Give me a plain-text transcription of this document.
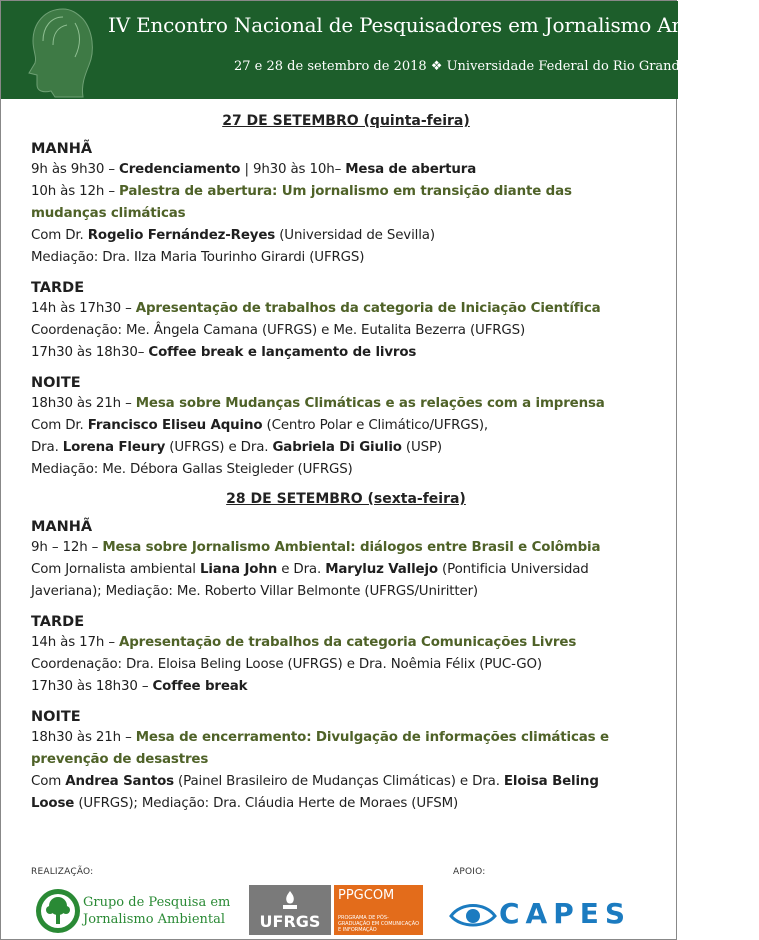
IV Encontro Nacional de Pesquisadores em Jornalismo Ambiental
27 e 28 de setembro de 2018 ❖ Universidade Federal do Rio Grande do Sul
27 DE SETEMBRO (quinta-feira)
MANHÃ
9h às 9h30 – Credenciamento | 9h30 às 10h– Mesa de abertura
10h às 12h – Palestra de abertura: Um jornalismo em transição diante das
mudanças climáticas
Com Dr. Rogelio Fernández-Reyes (Universidad de Sevilla)
Mediação: Dra. Ilza Maria Tourinho Girardi (UFRGS)
TARDE
14h às 17h30 – Apresentação de trabalhos da categoria de Iniciação Científica
Coordenação: Me. Ângela Camana (UFRGS) e Me. Eutalita Bezerra (UFRGS)
17h30 às 18h30– Coffee break e lançamento de livros
NOITE
18h30 às 21h – Mesa sobre Mudanças Climáticas e as relações com a imprensa
Com Dr. Francisco Eliseu Aquino (Centro Polar e Climático/UFRGS),
Dra. Lorena Fleury (UFRGS) e Dra. Gabriela Di Giulio (USP)
Mediação: Me. Débora Gallas Steigleder (UFRGS)
28 DE SETEMBRO (sexta-feira)
MANHÃ
9h – 12h – Mesa sobre Jornalismo Ambiental: diálogos entre Brasil e Colômbia
Com Jornalista ambiental Liana John e Dra. Maryluz Vallejo (Pontificia Universidad
Javeriana); Mediação: Me. Roberto Villar Belmonte (UFRGS/Uniritter)
TARDE
14h às 17h – Apresentação de trabalhos da categoria Comunicações Livres
Coordenação: Dra. Eloisa Beling Loose (UFRGS) e Dra. Noêmia Félix (PUC-GO)
17h30 às 18h30 – Coffee break
NOITE
18h30 às 21h – Mesa de encerramento: Divulgação de informações climáticas e
prevenção de desastres
Com Andrea Santos (Painel Brasileiro de Mudanças Climáticas) e Dra. Eloisa Beling
Loose (UFRGS); Mediação: Dra. Cláudia Herte de Moraes (UFSM)
REALIZAÇÃO:	APOIO:
Grupo de Pesquisa em
Jornalismo Ambiental	UFRGS
PPGCOM
PROGRAMA DE PÓS-GRADUAÇÃO EM COMUNICAÇÃO E INFORMAÇÃO	CAPES
